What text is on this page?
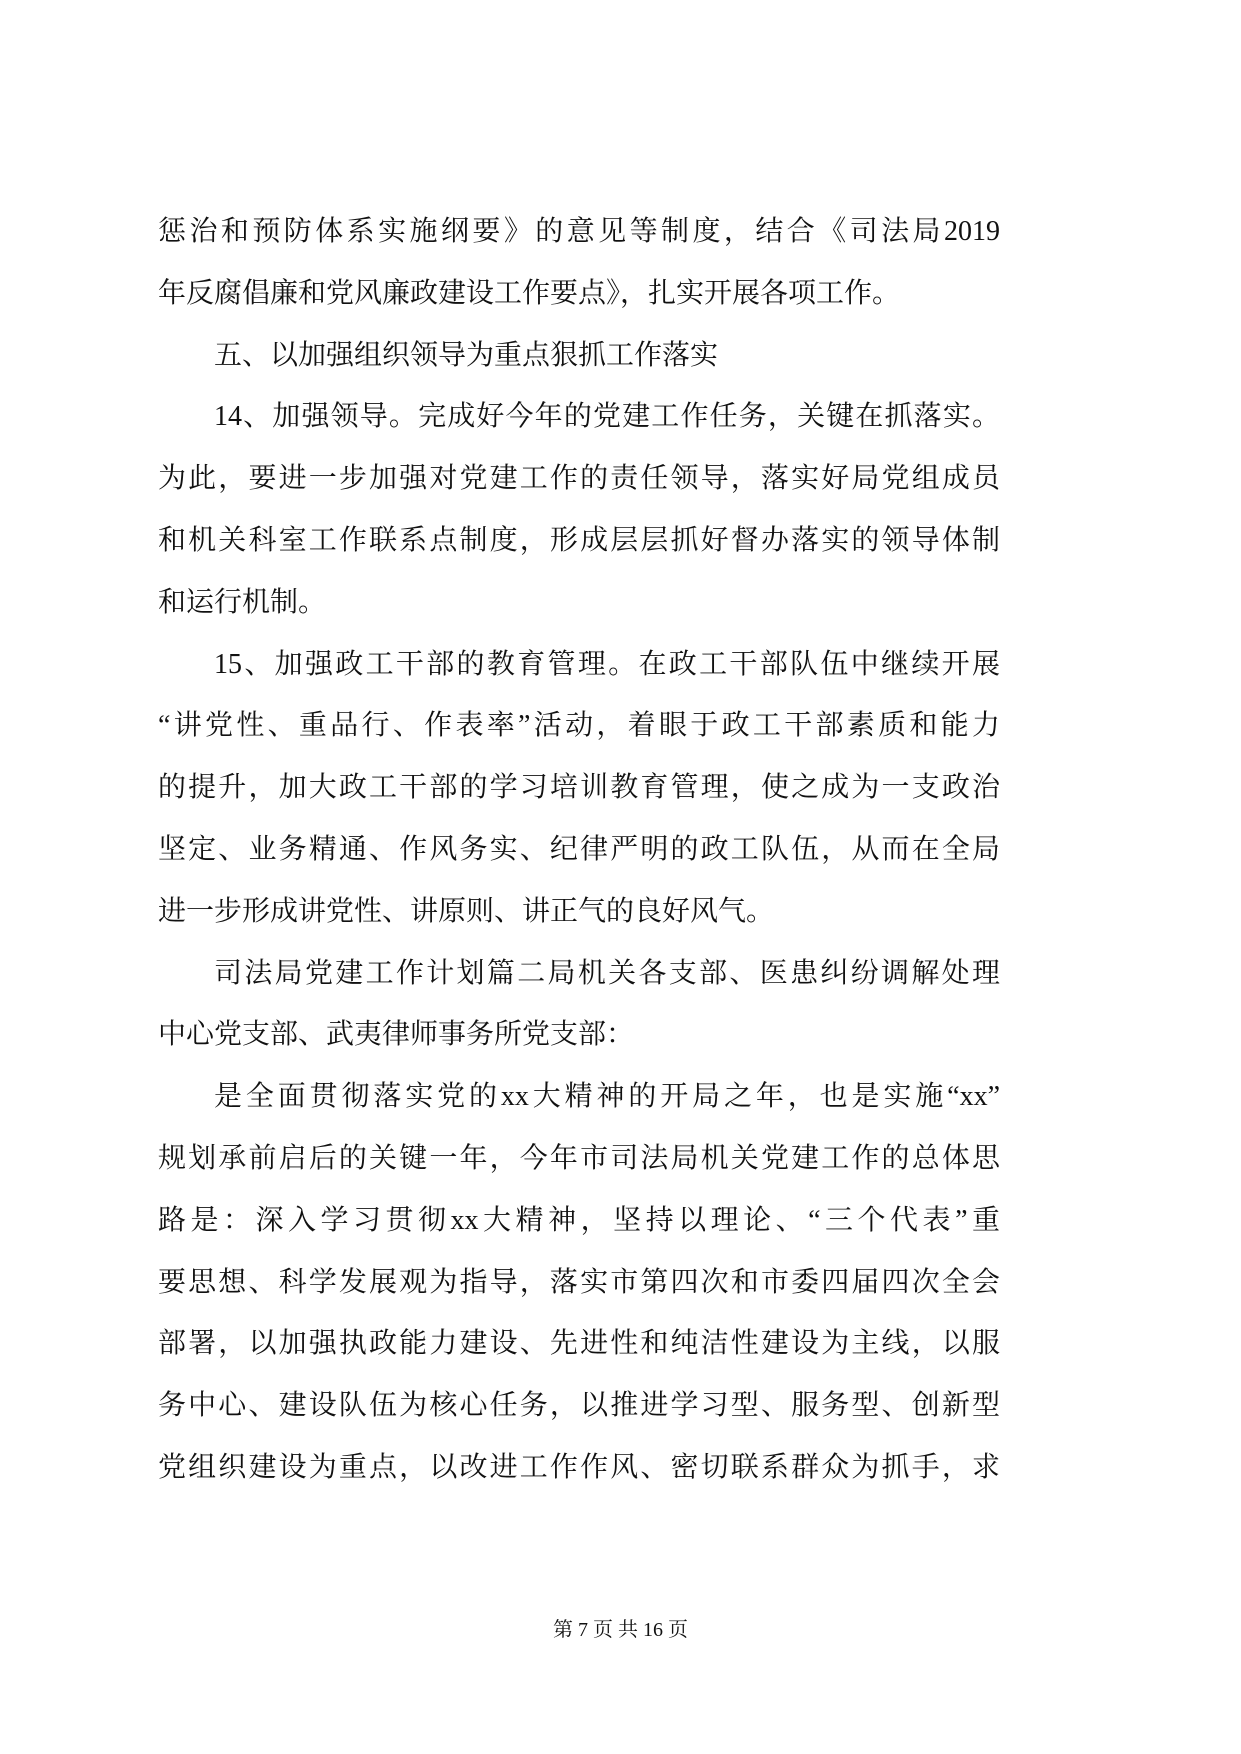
惩治和预防体系实施纲要》的意见等制度，结合《司法局2019
年反腐倡廉和党风廉政建设工作要点》，扎实开展各项工作。
五、以加强组织领导为重点狠抓工作落实
14、加强领导。完成好今年的党建工作任务，关键在抓落实。
为此，要进一步加强对党建工作的责任领导，落实好局党组成员
和机关科室工作联系点制度，形成层层抓好督办落实的领导体制
和运行机制。
15、加强政工干部的教育管理。在政工干部队伍中继续开展
“讲党性、重品行、作表率”活动，着眼于政工干部素质和能力
的提升，加大政工干部的学习培训教育管理，使之成为一支政治
坚定、业务精通、作风务实、纪律严明的政工队伍，从而在全局
进一步形成讲党性、讲原则、讲正气的良好风气。
司法局党建工作计划篇二局机关各支部、医患纠纷调解处理
中心党支部、武夷律师事务所党支部：
是全面贯彻落实党的xx大精神的开局之年，也是实施“xx”
规划承前启后的关键一年，今年市司法局机关党建工作的总体思
路是：深入学习贯彻xx大精神，坚持以理论、“三个代表”重
要思想、科学发展观为指导，落实市第四次和市委四届四次全会
部署，以加强执政能力建设、先进性和纯洁性建设为主线，以服
务中心、建设队伍为核心任务，以推进学习型、服务型、创新型
党组织建设为重点，以改进工作作风、密切联系群众为抓手，求
第 7 页 共 16 页
